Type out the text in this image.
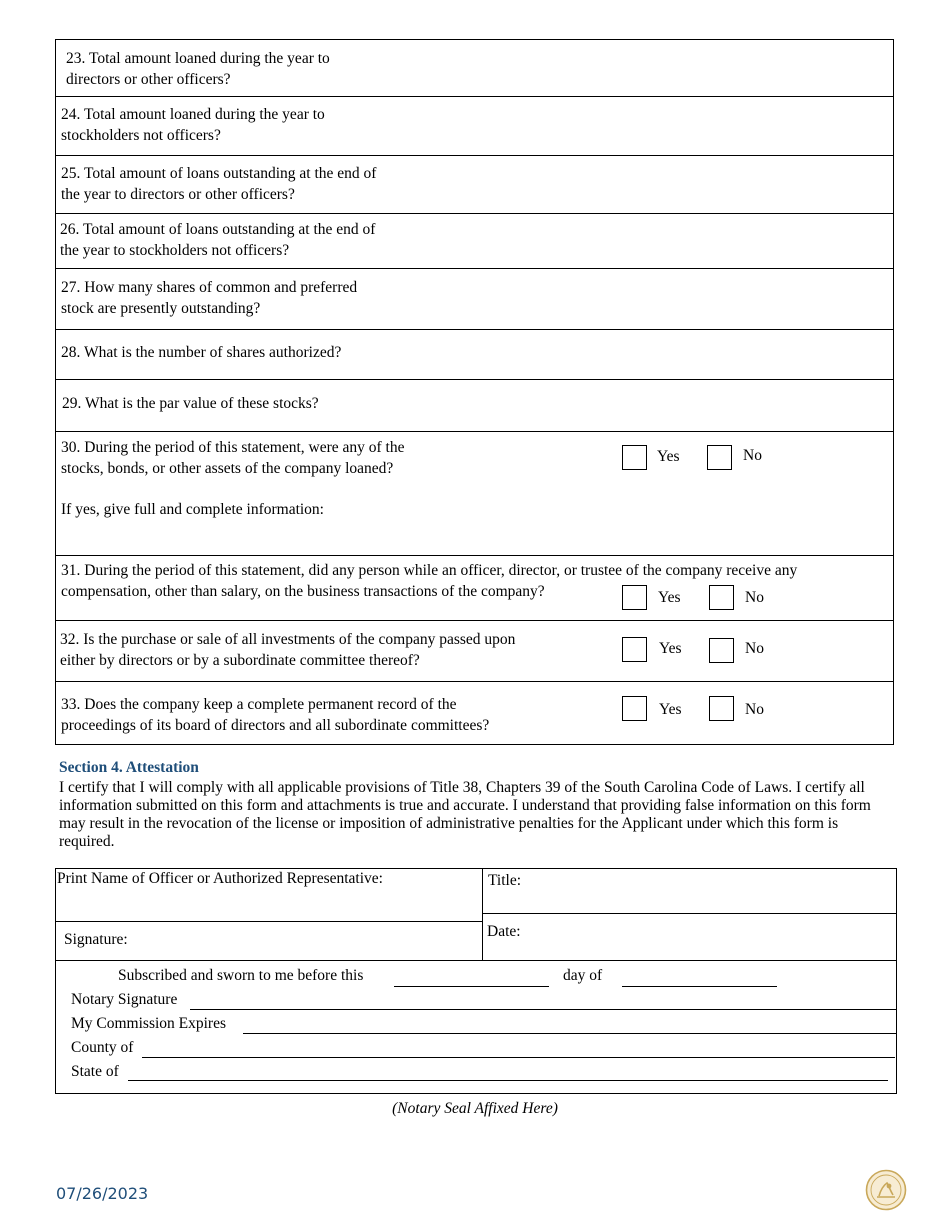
23. Total amount loaned during the year to
directors or other officers?
24. Total amount loaned during the year to
stockholders not officers?
25. Total amount of loans outstanding at the end of
the year to directors or other officers?
26. Total amount of loans outstanding at the end of
the year to stockholders not officers?
27. How many shares of common and preferred
stock are presently outstanding?
28. What is the number of shares authorized?
29. What is the par value of these stocks?
30. During the period of this statement, were any of the
stocks, bonds, or other assets of the company loaned?
If yes, give full and complete information:
Yes	No
31. During the period of this statement, did any person while an officer, director, or trustee of the company receive any
compensation, other than salary, on the business transactions of the company?	Yes	No
32. Is the purchase or sale of all investments of the company passed upon
either by directors or by a subordinate committee thereof?
Yes	No
33. Does the company keep a complete permanent record of the
proceedings of its board of directors and all subordinate committees?
Yes	No
Section 4. Attestation
I certify that I will comply with all applicable provisions of Title 38, Chapters 39 of the South Carolina Code of Laws. I certify all information submitted on this form and attachments is true and accurate. I understand that providing false information on this form may result in the revocation of the license or imposition of administrative penalties for the Applicant under which this form is required.
Print Name of Officer or Authorized Representative:	Title:
Signature:	Date:
Subscribed and sworn to me before this	day of
Notary Signature
My Commission Expires
County of
State of
(Notary Seal Affixed Here)
07/26/2023
